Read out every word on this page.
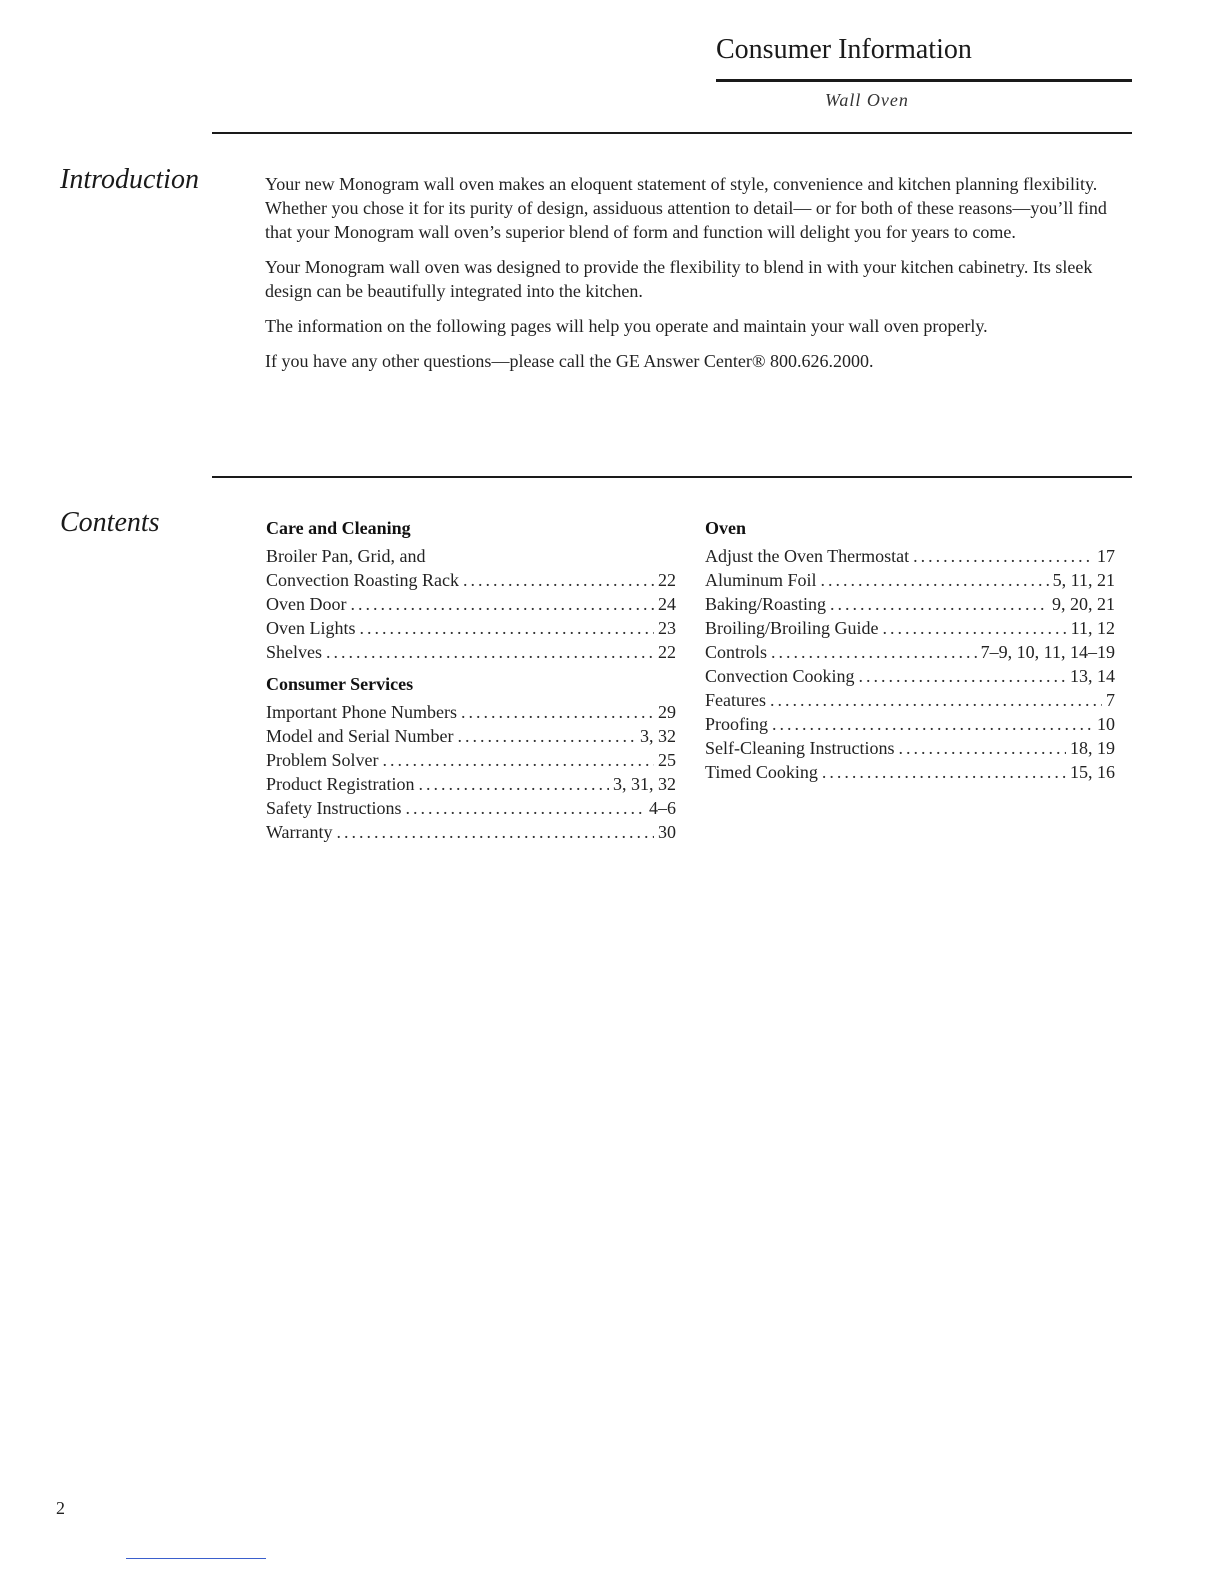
Consumer Information
Wall Oven
Introduction	Your new Monogram wall oven makes an eloquent statement of style, convenience and kitchen planning flexibility. Whether you chose it for its purity of design, assiduous attention to detail— or for both of these reasons—you’ll find that your Monogram wall oven’s superior blend of form and function will delight you for years to come.

Your Monogram wall oven was designed to provide the flexibility to blend in with your kitchen cabinetry. Its sleek design can be beautifully integrated into the kitchen.

The information on the following pages will help you operate and maintain your wall oven properly.

If you have any other questions—please call the GE Answer Center® 800.626.2000.

Contents	Care and Cleaning
Broiler Pan, Grid, and
Convection Roasting Rack .....	22
Oven Door .....	24
Oven Lights .....	23
Shelves .....	22
Consumer Services
Important Phone Numbers .....	29
Model and Serial Number .....	3, 32
Problem Solver .....	25
Product Registration .....	3, 31, 32
Safety Instructions .....	4–6
Warranty .....	30
Oven
Adjust the Oven Thermostat .....	17
Aluminum Foil .....	5, 11, 21
Baking/Roasting .....	9, 20, 21
Broiling/Broiling Guide .....	11, 12
Controls .....	7–9, 10, 11, 14–19
Convection Cooking .....	13, 14
Features .....	7
Proofing .....	10
Self-Cleaning Instructions .....	18, 19
Timed Cooking .....	15, 16
2
